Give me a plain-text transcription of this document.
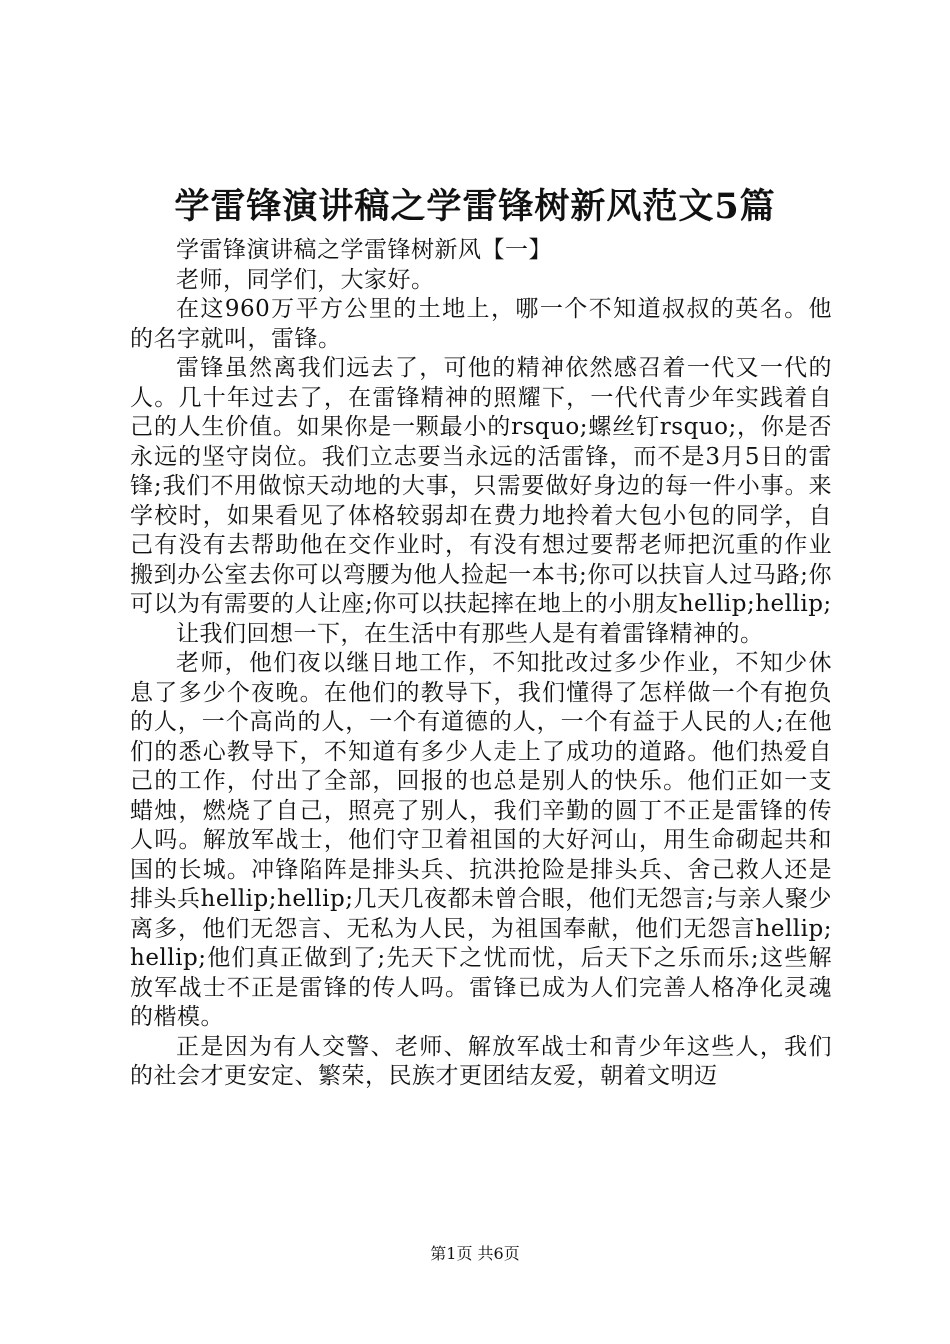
学雷锋演讲稿之学雷锋树新风范文5篇

学雷锋演讲稿之学雷锋树新风【一】

老师，同学们，大家好。

在这960万平方公里的土地上，哪一个不知道叔叔的英名。他的名字就叫，雷锋。

雷锋虽然离我们远去了，可他的精神依然感召着一代又一代的人。几十年过去了，在雷锋精神的照耀下，一代代青少年实践着自己的人生价值。如果你是一颗最小的rsquo;螺丝钉rsquo;，你是否永远的坚守岗位。我们立志要当永远的活雷锋，而不是3月5日的雷锋;我们不用做惊天动地的大事，只需要做好身边的每一件小事。来学校时，如果看见了体格较弱却在费力地拎着大包小包的同学，自己有没有去帮助他在交作业时，有没有想过要帮老师把沉重的作业搬到办公室去你可以弯腰为他人捡起一本书;你可以扶盲人过马路;你可以为有需要的人让座;你可以扶起摔在地上的小朋友hellip;hellip;

让我们回想一下，在生活中有那些人是有着雷锋精神的。

老师，他们夜以继日地工作，不知批改过多少作业，不知少休息了多少个夜晚。在他们的教导下，我们懂得了怎样做一个有抱负的人，一个高尚的人，一个有道德的人，一个有益于人民的人;在他们的悉心教导下，不知道有多少人走上了成功的道路。他们热爱自己的工作，付出了全部，回报的也总是别人的快乐。他们正如一支蜡烛，燃烧了自己，照亮了别人，我们辛勤的圆丁不正是雷锋的传人吗。解放军战士，他们守卫着祖国的大好河山，用生命砌起共和国的长城。冲锋陷阵是排头兵、抗洪抢险是排头兵、舍己救人还是排头兵hellip;hellip;几天几夜都未曾合眼，他们无怨言;与亲人聚少离多，他们无怨言、无私为人民，为祖国奉献，他们无怨言hellip;hellip;他们真正做到了;先天下之忧而忧，后天下之乐而乐;这些解放军战士不正是雷锋的传人吗。雷锋已成为人们完善人格净化灵魂的楷模。

正是因为有人交警、老师、解放军战士和青少年这些人，我们的社会才更安定、繁荣，民族才更团结友爱，朝着文明迈

第1页 共6页
